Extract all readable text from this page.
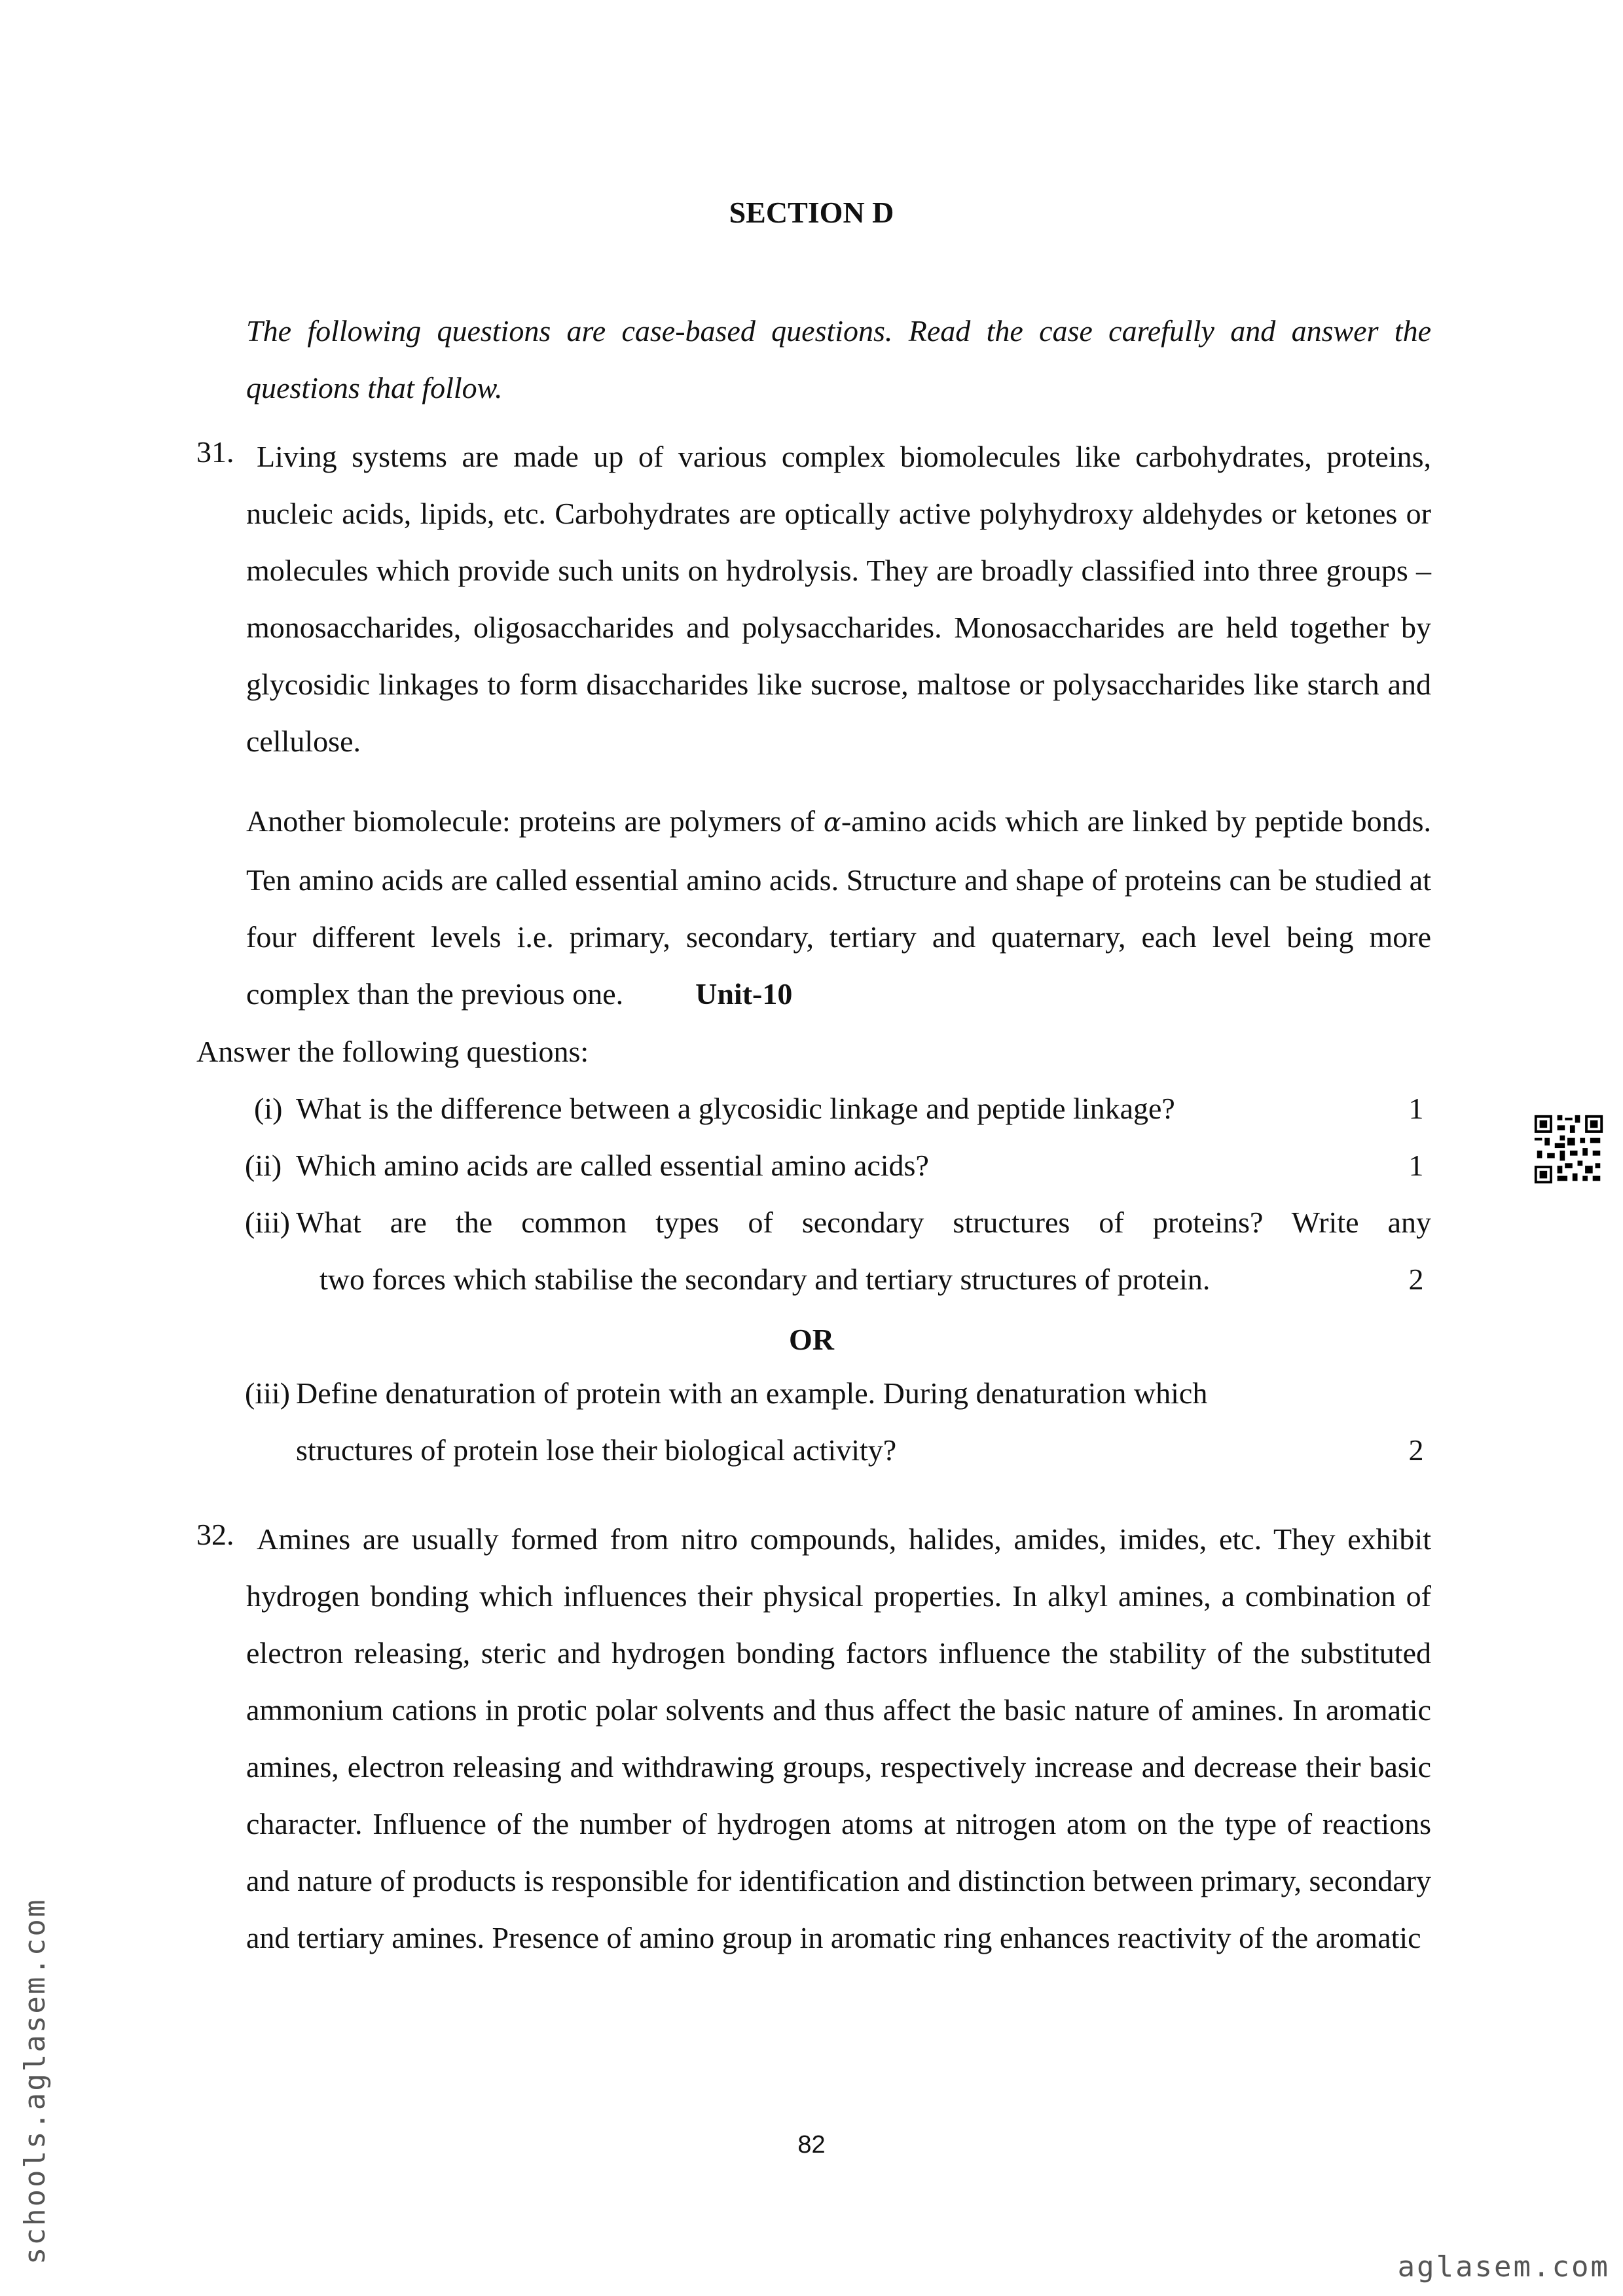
SECTION D

The following questions are case-based questions. Read the case carefully and answer the questions that follow.

31. Living systems are made up of various complex biomolecules like carbohydrates, proteins, nucleic acids, lipids, etc. Carbohydrates are optically active polyhydroxy aldehydes or ketones or molecules which provide such units on hydrolysis. They are broadly classified into three groups – monosaccharides, oligosaccharides and polysaccharides. Monosaccharides are held together by glycosidic linkages to form disaccharides like sucrose, maltose or polysaccharides like starch and cellulose.

Another biomolecule: proteins are polymers of α-amino acids which are linked by peptide bonds. Ten amino acids are called essential amino acids. Structure and shape of proteins can be studied at four different levels i.e. primary, secondary, tertiary and quaternary, each level being more complex than the previous one. Unit-10

Answer the following questions:
(i) What is the difference between a glycosidic linkage and peptide linkage?	1
(ii) Which amino acids are called essential amino acids?	1
(iii) What are the common types of secondary structures of proteins? Write any
two forces which stabilise the secondary and tertiary structures of protein.	2
OR
(iii) Define denaturation of protein with an example. During denaturation which
structures of protein lose their biological activity?	2
32. Amines are usually formed from nitro compounds, halides, amides, imides, etc. They exhibit hydrogen bonding which influences their physical properties. In alkyl amines, a combination of electron releasing, steric and hydrogen bonding factors influence the stability of the substituted ammonium cations in protic polar solvents and thus affect the basic nature of amines. In aromatic amines, electron releasing and withdrawing groups, respectively increase and decrease their basic character. Influence of the number of hydrogen atoms at nitrogen atom on the type of reactions and nature of products is responsible for identification and distinction between primary, secondary and tertiary amines. Presence of amino group in aromatic ring enhances reactivity of the aromatic

82
schools.aglasem.com
aglasem.com
